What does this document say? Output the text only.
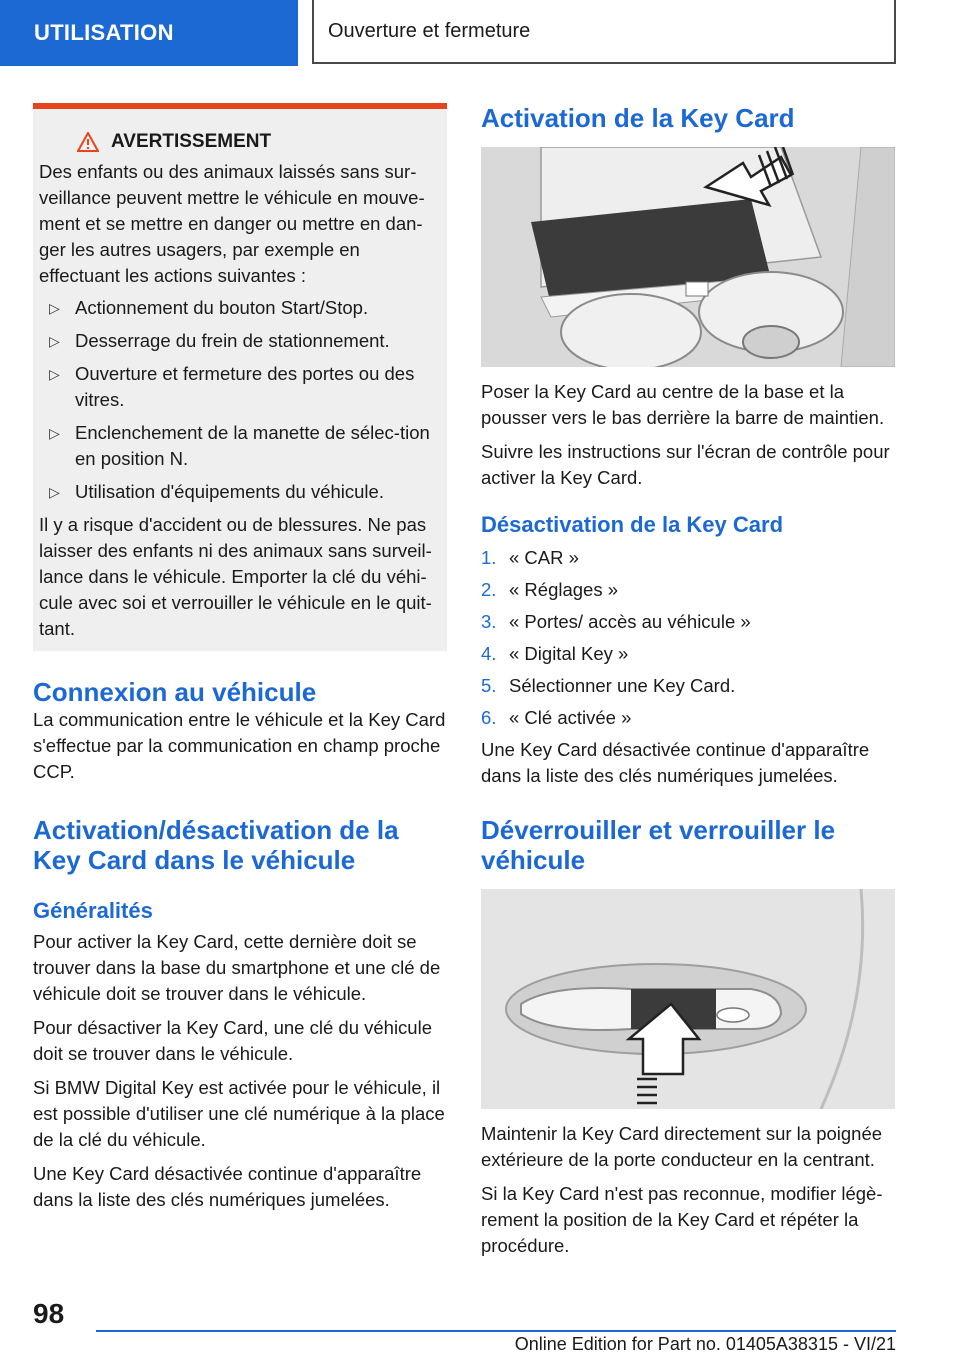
UTILISATION	Ouverture et fermeture
AVERTISSEMENT

Des enfants ou des animaux laissés sans sur-veillance peuvent mettre le véhicule en mouve-ment et se mettre en danger ou mettre en dan-ger les autres usagers, par exemple en effectuant les actions suivantes :

▷ Actionnement du bouton Start/Stop.
▷ Desserrage du frein de stationnement.
▷ Ouverture et fermeture des portes ou des vitres.
▷ Enclenchement de la manette de sélec-tion en position N.
▷ Utilisation d'équipements du véhicule.

Il y a risque d'accident ou de blessures. Ne pas laisser des enfants ni des animaux sans surveil-lance dans le véhicule. Emporter la clé du véhi-cule avec soi et verrouiller le véhicule en le quit-tant.

Connexion au véhicule

La communication entre le véhicule et la Key Card s'effectue par la communication en champ proche CCP.

Activation/désactivation de la Key Card dans le véhicule
Généralités

Pour activer la Key Card, cette dernière doit se trouver dans la base du smartphone et une clé de véhicule doit se trouver dans le véhicule.

Pour désactiver la Key Card, une clé du véhicule doit se trouver dans le véhicule.

Si BMW Digital Key est activée pour le véhicule, il est possible d'utiliser une clé numérique à la place de la clé du véhicule.

Une Key Card désactivée continue d'apparaître dans la liste des clés numériques jumelées.

Activation de la Key Card

Poser la Key Card au centre de la base et la pousser vers le bas derrière la barre de maintien.

Suivre les instructions sur l'écran de contrôle pour activer la Key Card.

Désactivation de la Key Card
1. « CAR »
2. « Réglages »
3. « Portes/ accès au véhicule »
4. « Digital Key »
5. Sélectionner une Key Card.
6. « Clé activée »

Une Key Card désactivée continue d'apparaître dans la liste des clés numériques jumelées.

Déverrouiller et verrouiller le véhicule

Maintenir la Key Card directement sur la poignée extérieure de la porte conducteur en la centrant.

Si la Key Card n'est pas reconnue, modifier légè-rement la position de la Key Card et répéter la procédure.

98
Online Edition for Part no. 01405A38315 - VI/21
